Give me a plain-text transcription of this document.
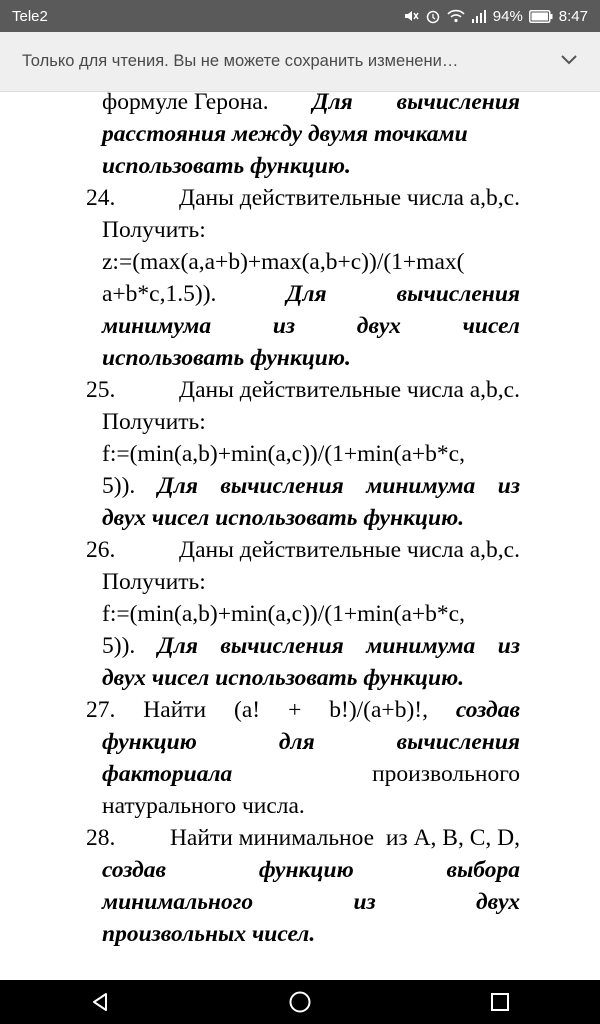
Tele2	94% 8:47
Только для чтения. Вы не можете сохранить изменени…
формуле Герона. Для вычисления
расстояния между двумя точками
использовать функцию.
24.	Даны действительные числа a,b,c.
Получить:
z:=(max(a,a+b)+max(a,b+c))/(1+max(
a+b*c,1.5)).	Для	вычисления
минимума	из	двух	чисел
использовать функцию.
25.	Даны действительные числа a,b,c.
Получить:
f:=(min(a,b)+min(a,c))/(1+min(a+b*c,
5)). Для вычисления минимума из
двух чисел использовать функцию.
26.	Даны действительные числа a,b,c.
Получить:
f:=(min(a,b)+min(a,c))/(1+min(a+b*c,
5)). Для вычисления минимума из
двух чисел использовать функцию.
27. Найти (a! + b!)/(a+b)!, создав
функцию	для	вычисления
факториала	произвольного
натурального числа.
28. Найти минимальное  из A, B, C, D,
создав	функцию	выбора
минимального	из	двух
произвольных чисел.
